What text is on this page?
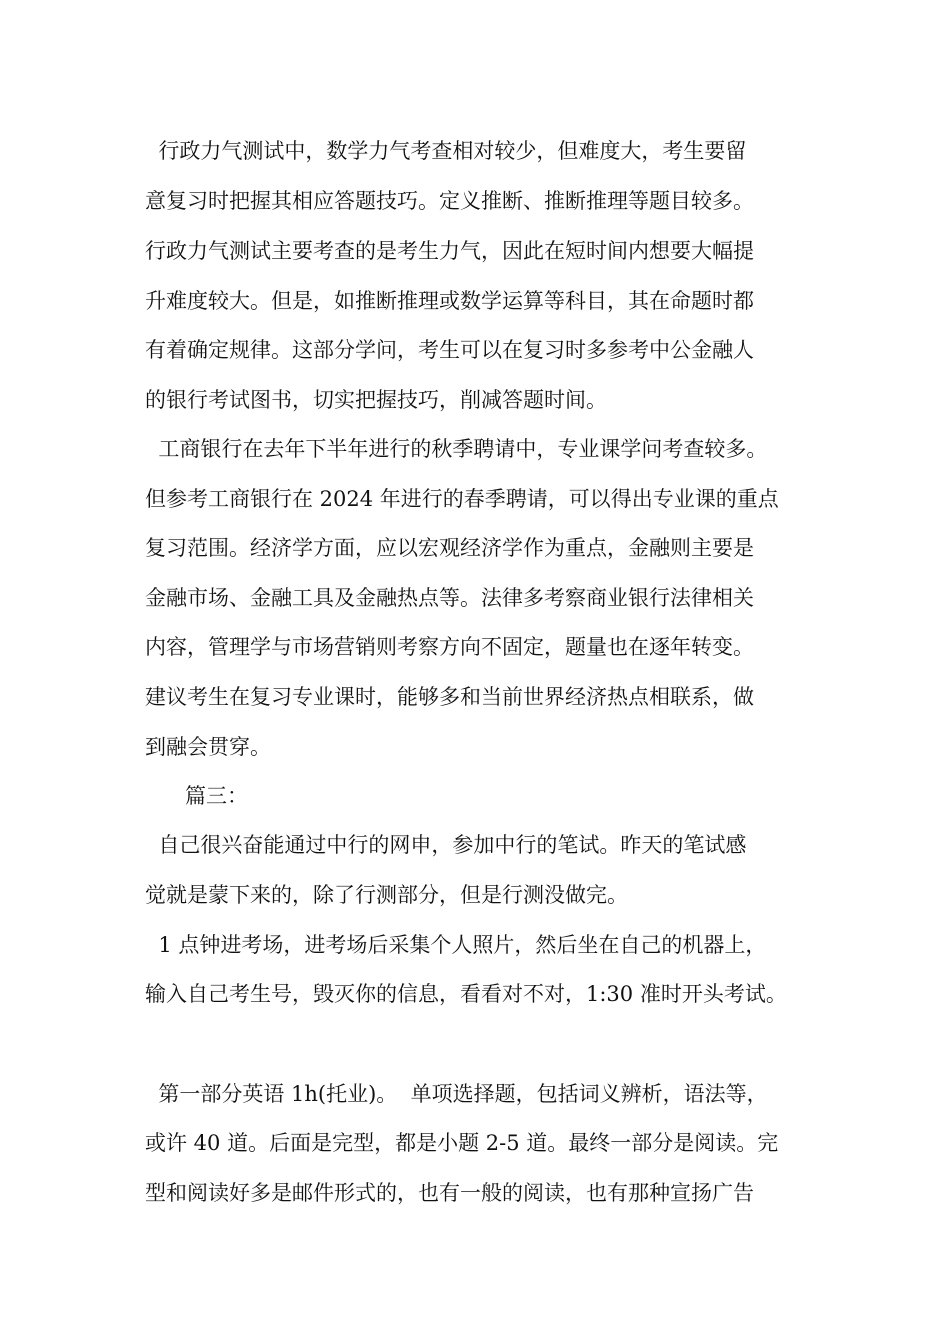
行政力气测试中，数学力气考查相对较少，但难度大，考生要留
意复习时把握其相应答题技巧。定义推断、推断推理等题目较多。
行政力气测试主要考查的是考生力气，因此在短时间内想要大幅提
升难度较大。但是，如推断推理或数学运算等科目，其在命题时都
有着确定规律。这部分学问，考生可以在复习时多参考中公金融人
的银行考试图书，切实把握技巧，削减答题时间。
工商银行在去年下半年进行的秋季聘请中，专业课学问考查较多。
但参考工商银行在 2024 年进行的春季聘请，可以得出专业课的重点
复习范围。经济学方面，应以宏观经济学作为重点，金融则主要是
金融市场、金融工具及金融热点等。法律多考察商业银行法律相关
内容，管理学与市场营销则考察方向不固定，题量也在逐年转变。
建议考生在复习专业课时，能够多和当前世界经济热点相联系，做
到融会贯穿。
篇三：
自己很兴奋能通过中行的网申，参加中行的笔试。昨天的笔试感
觉就是蒙下来的，除了行测部分，但是行测没做完。
1 点钟进考场，进考场后采集个人照片，然后坐在自己的机器上，
输入自己考生号，毁灭你的信息，看看对不对，1:30 准时开头考试。
第一部分英语 1h(托业)。  单项选择题，包括词义辨析，语法等，
或许 40 道。后面是完型，都是小题 2-5 道。最终一部分是阅读。完
型和阅读好多是邮件形式的，也有一般的阅读，也有那种宣扬广告
